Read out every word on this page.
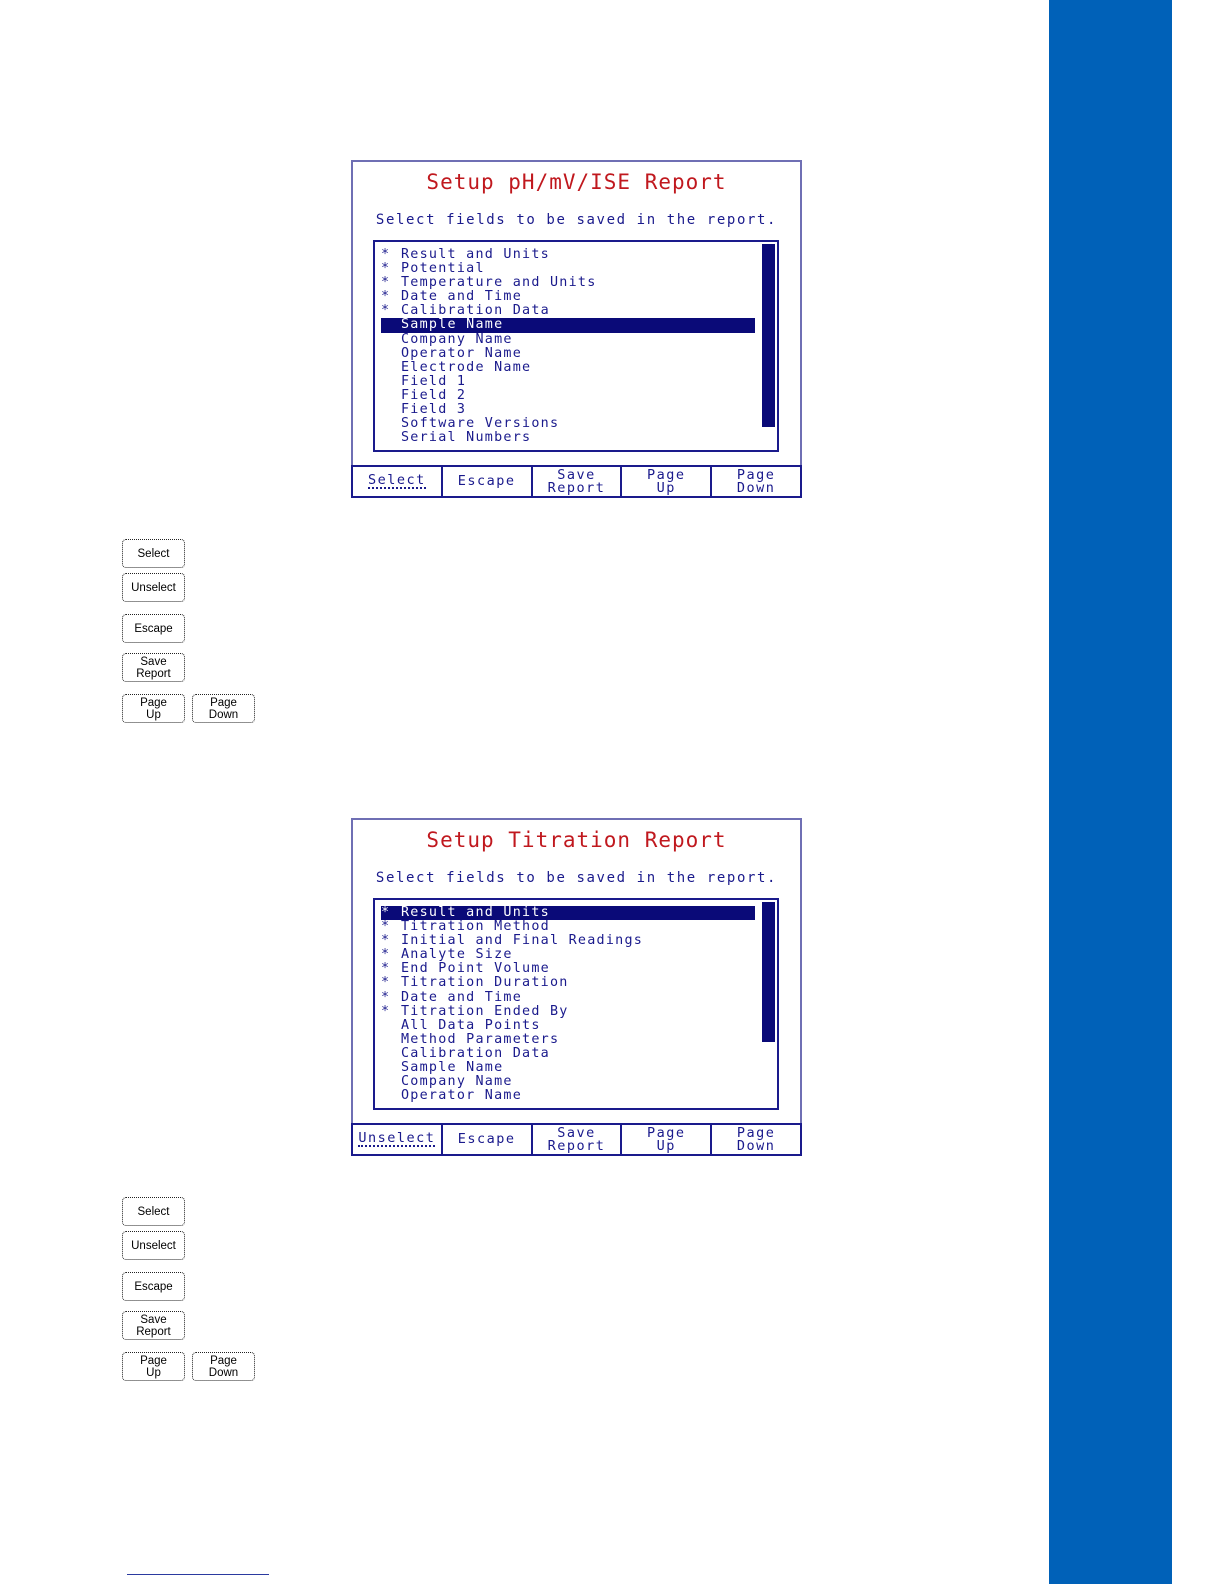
Setup pH/mV/ISE Report
Select fields to be saved in the report.
* Result and Units
* Potential
* Temperature and Units
* Date and Time
* Calibration Data
Sample Name
Company Name
Operator Name
Electrode Name
Field 1
Field 2
Field 3
Software Versions
Serial Numbers
Select Escape	Save
Report
Page
Up
Page
Down
Select
Unselect
Escape
Save
Report
Page
Up
Page
Down
Setup Titration Report
Select fields to be saved in the report.
* Result and Units
* Titration Method
* Initial and Final Readings
* Analyte Size
* End Point Volume
* Titration Duration
* Date and Time
* Titration Ended By
All Data Points
Method Parameters
Calibration Data
Sample Name
Company Name
Operator Name
Unselect Escape	Save
Report
Page
Up
Page
Down
Select
Unselect
Escape
Save
Report
Page
Up
Page
Down
